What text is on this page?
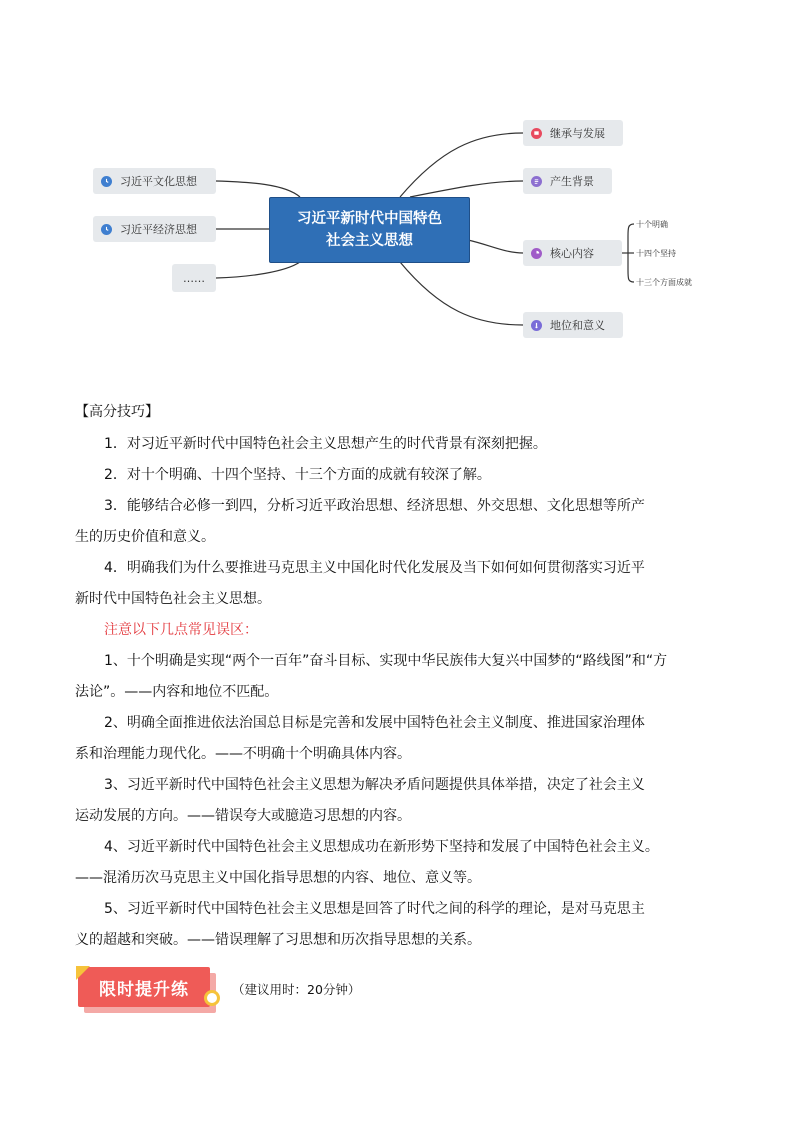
习近平新时代中国特色
社会主义思想
习近平文化思想
习近平经济思想
……
继承与发展
产生背景
核心内容
地位和意义
十个明确
十四个坚持
十三个方面成就
【高分技巧】
1．对习近平新时代中国特色社会主义思想产生的时代背景有深刻把握。
2．对十个明确、十四个坚持、十三个方面的成就有较深了解。
3．能够结合必修一到四，分析习近平政治思想、经济思想、外交思想、文化思想等所产
生的历史价值和意义。
4．明确我们为什么要推进马克思主义中国化时代化发展及当下如何如何贯彻落实习近平
新时代中国特色社会主义思想。
注意以下几点常见误区：
1、十个明确是实现“两个一百年”奋斗目标、实现中华民族伟大复兴中国梦的“路线图”和“方
法论”。——内容和地位不匹配。
2、明确全面推进依法治国总目标是完善和发展中国特色社会主义制度、推进国家治理体
系和治理能力现代化。——不明确十个明确具体内容。
3、习近平新时代中国特色社会主义思想为解决矛盾问题提供具体举措，决定了社会主义
运动发展的方向。——错误夸大或臆造习思想的内容。
4、习近平新时代中国特色社会主义思想成功在新形势下坚持和发展了中国特色社会主义。
——混淆历次马克思主义中国化指导思想的内容、地位、意义等。
5、习近平新时代中国特色社会主义思想是回答了时代之间的科学的理论，是对马克思主
义的超越和突破。——错误理解了习思想和历次指导思想的关系。
限时提升练	（建议用时：20分钟）
